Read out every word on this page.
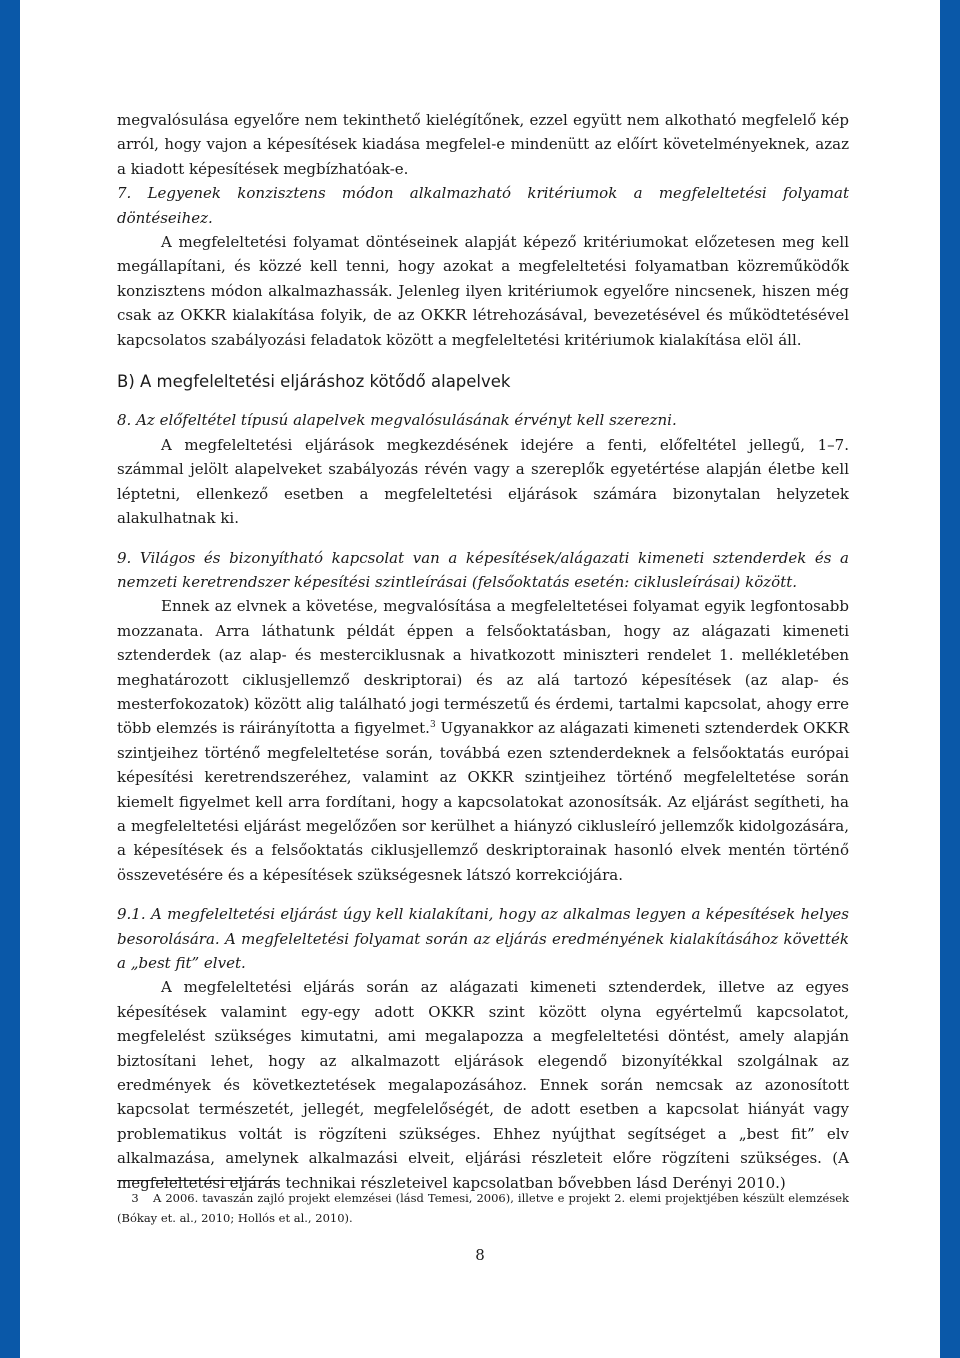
megvalósulása egyelőre nem tekinthető kielégítőnek, ezzel együtt nem alkotható megfelelő kép arról, hogy vajon a képesítések kiadása megfelel-e mindenütt az előírt követelményeknek, azaz a kiadott képesítések megbízhatóak-e.

7. Legyenek konzisztens módon alkalmazható kritériumok a megfeleltetési folyamat döntéseihez.

A megfeleltetési folyamat döntéseinek alapját képező kritériumokat előzetesen meg kell megállapítani, és közzé kell tenni, hogy azokat a megfeleltetési folyamatban közreműködők konzisztens módon alkalmazhassák. Jelenleg ilyen kritériumok egyelőre nincsenek, hiszen még csak az OKKR kialakítása folyik, de az OKKR létrehozásával, bevezetésével és működtetésével kapcsolatos szabályozási feladatok között a megfeleltetési kritériumok kialakítása elöl áll.

B) A megfeleltetési eljáráshoz kötődő alapelvek

8. Az előfeltétel típusú alapelvek megvalósulásának érvényt kell szerezni.

A megfeleltetési eljárások megkezdésének idejére a fenti, előfeltétel jellegű, 1–7. számmal jelölt alapelveket szabályozás révén vagy a szereplők egyetértése alapján életbe kell léptetni, ellenkező esetben a megfeleltetési eljárások számára bizonytalan helyzetek alakulhatnak ki.

9. Világos és bizonyítható kapcsolat van a képesítések/alágazati kimeneti sztenderdek és a nemzeti keretrendszer képesítési szintleírásai (felsőoktatás esetén: ciklusleírásai) között.

Ennek az elvnek a követése, megvalósítása a megfeleltetései folyamat egyik legfontosabb mozzanata. Arra láthatunk példát éppen a felsőoktatásban, hogy az alágazati kimeneti sztenderdek (az alap- és mesterciklusnak a hivatkozott miniszteri rendelet 1. mellékletében meghatározott ciklusjellemző deskriptorai) és az alá tartozó képesítések (az alap- és mesterfokozatok) között alig található jogi természetű és érdemi, tartalmi kapcsolat, ahogy erre több elemzés is ráirányította a figyelmet.$^3$ Ugyanakkor az alágazati kimeneti sztenderdek OKKR szintjeihez történő megfeleltetése során, továbbá ezen sztenderdeknek a felsőoktatás európai képesítési keretrendszeréhez, valamint az OKKR szintjeihez történő megfeleltetése során kiemelt figyelmet kell arra fordítani, hogy a kapcsolatokat azonosítsák. Az eljárást segítheti, ha a megfeleltetési eljárást megelőzően sor kerülhet a hiányzó ciklusleíró jellemzők kidolgozására, a képesítések és a felsőoktatás ciklusjellemző deskriptorainak hasonló elvek mentén történő összevetésére és a képesítések szükségesnek látszó korrekciójára.

9.1. A megfeleltetési eljárást úgy kell kialakítani, hogy az alkalmas legyen a képesítések helyes besorolására. A megfeleltetési folyamat során az eljárás eredményének kialakításához követték a „best fit” elvet.

A megfeleltetési eljárás során az alágazati kimeneti sztenderdek, illetve az egyes képesítések valamint egy-egy adott OKKR szint között olyna egyértelmű kapcsolatot, megfelelést szükséges kimutatni, ami megalapozza a megfeleltetési döntést, amely alapján biztosítani lehet, hogy az alkalmazott eljárások elegendő bizonyítékkal szolgálnak az eredmények és következtetések megalapozásához. Ennek során nemcsak az azonosított kapcsolat természetét, jellegét, megfelelőségét, de adott esetben a kapcsolat hiányát vagy problematikus voltát is rögzíteni szükséges. Ehhez nyújthat segítséget a „best fit” elv alkalmazása, amelynek alkalmazási elveit, eljárási részleteit előre rögzíteni szükséges. (A megfeleltetési eljárás technikai részleteivel kapcsolatban bővebben lásd Derényi 2010.)

3 A 2006. tavaszán zajló projekt elemzései (lásd Temesi, 2006), illetve e projekt 2. elemi projektjében készült elemzések (Bókay et. al., 2010; Hollós et al., 2010).
8
